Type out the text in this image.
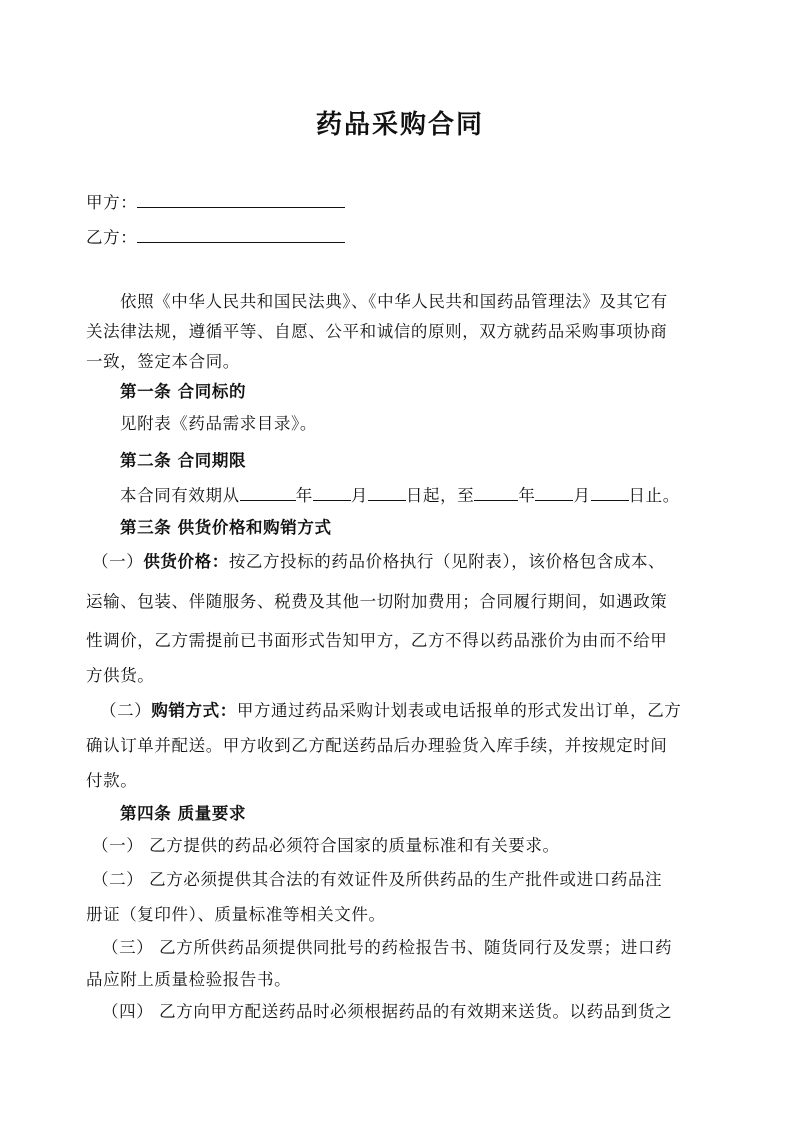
药品采购合同
甲方：
乙方：
依照《中华人民共和国民法典》、《中华人民共和国药品管理法》及其它有
关法律法规，遵循平等、自愿、公平和诚信的原则，双方就药品采购事项协商
一致，签定本合同。
第一条 合同标的
见附表《药品需求目录》。
第二条 合同期限
本合同有效期从	年 月 日起，至	年 月 日止。
第三条 供货价格和购销方式
（一）供货价格：按乙方投标的药品价格执行（见附表），该价格包含成本、
运输、包装、伴随服务、税费及其他一切附加费用；合同履行期间，如遇政策
性调价，乙方需提前已书面形式告知甲方，乙方不得以药品涨价为由而不给甲
方供货。
（二）购销方式：甲方通过药品采购计划表或电话报单的形式发出订单，乙方
确认订单并配送。甲方收到乙方配送药品后办理验货入库手续，并按规定时间
付款。
第四条 质量要求
（一） 乙方提供的药品必须符合国家的质量标准和有关要求。
（二） 乙方必须提供其合法的有效证件及所供药品的生产批件或进口药品注
册证（复印件）、质量标准等相关文件。
（三） 乙方所供药品须提供同批号的药检报告书、随货同行及发票；进口药
品应附上质量检验报告书。
（四） 乙方向甲方配送药品时必须根据药品的有效期来送货。以药品到货之
